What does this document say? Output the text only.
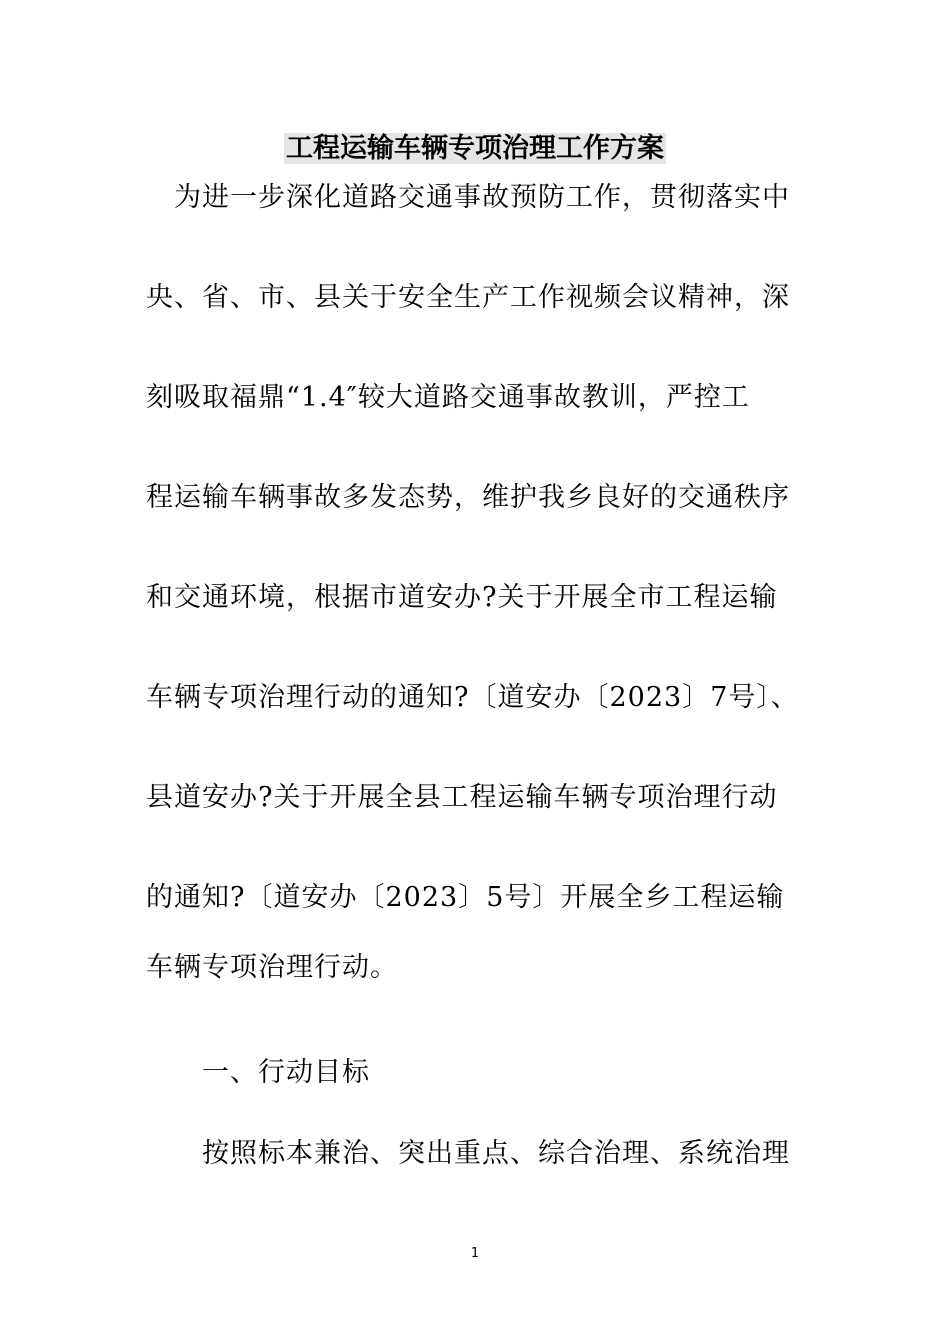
工程运输车辆专项治理工作方案
　为进一步深化道路交通事故预防工作，贯彻落实中
央、省、市、县关于安全生产工作视频会议精神，深
刻吸取福鼎“1.4″较大道路交通事故教训，严控工
程运输车辆事故多发态势，维护我乡良好的交通秩序
和交通环境，根据市道安办?关于开展全市工程运输
车辆专项治理行动的通知?〔道安办〔2023〕7号〕、
县道安办?关于开展全县工程运输车辆专项治理行动
的通知?〔道安办〔2023〕5号〕开展全乡工程运输
车辆专项治理行动。
　　一、行动目标
　　按照标本兼治、突出重点、综合治理、系统治理
1
